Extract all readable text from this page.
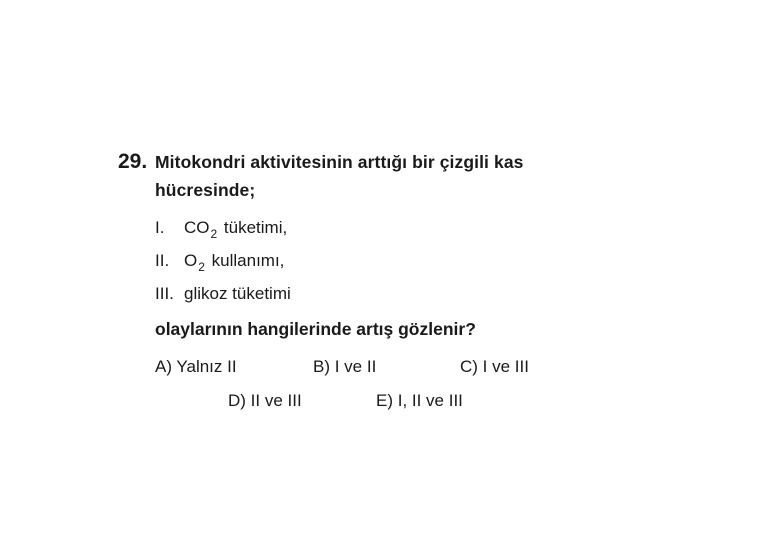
29. Mitokondri aktivitesinin arttığı bir çizgili kas
hücresinde;
I. $CO_2$ tüketimi,
II. $O_2$ kullanımı,
III. glikoz tüketimi
olaylarının hangilerinde artış gözlenir?
A) Yalnız II	B) I ve II	C) I ve III
D) II ve III	E) I, II ve III
